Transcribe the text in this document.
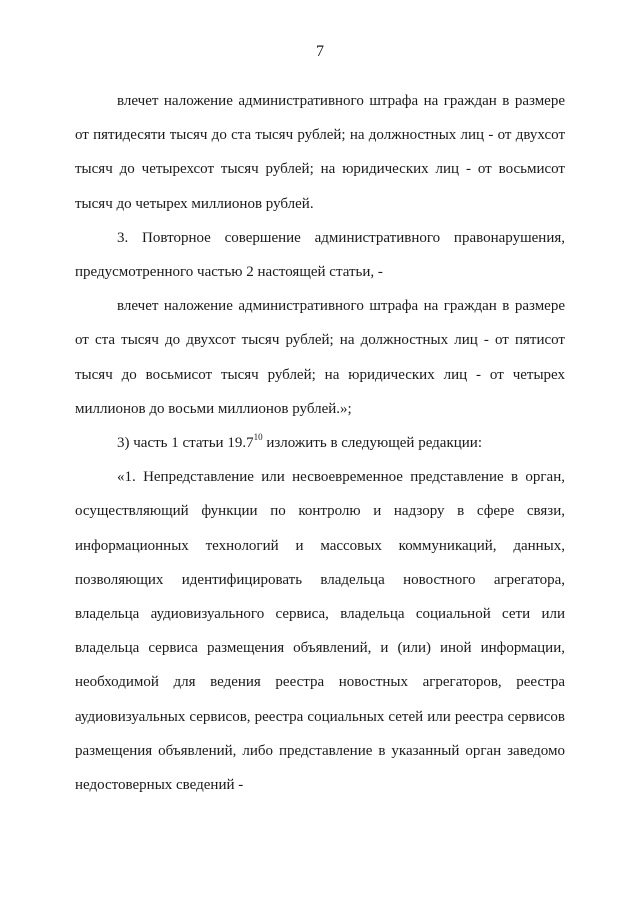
7

влечет наложение административного штрафа на граждан в размере от пятидесяти тысяч до ста тысяч рублей; на должностных лиц - от двухсот тысяч до четырехсот тысяч рублей; на юридических лиц - от восьмисот тысяч до четырех миллионов рублей.

3. Повторное совершение административного правонарушения, предусмотренного частью 2 настоящей статьи, -

влечет наложение административного штрафа на граждан в размере от ста тысяч до двухсот тысяч рублей; на должностных лиц - от пятисот тысяч до восьмисот тысяч рублей; на юридических лиц - от четырех миллионов до восьми миллионов рублей.»;

3) часть 1 статьи 19.7$^{10}$ изложить в следующей редакции:

«1. Непредставление или несвоевременное представление в орган, осуществляющий функции по контролю и надзору в сфере связи, информационных технологий и массовых коммуникаций, данных, позволяющих идентифицировать владельца новостного агрегатора, владельца аудиовизуального сервиса, владельца социальной сети или владельца сервиса размещения объявлений, и (или) иной информации, необходимой для ведения реестра новостных агрегаторов, реестра аудиовизуальных сервисов, реестра социальных сетей или реестра сервисов размещения объявлений, либо представление в указанный орган заведомо недостоверных сведений -
